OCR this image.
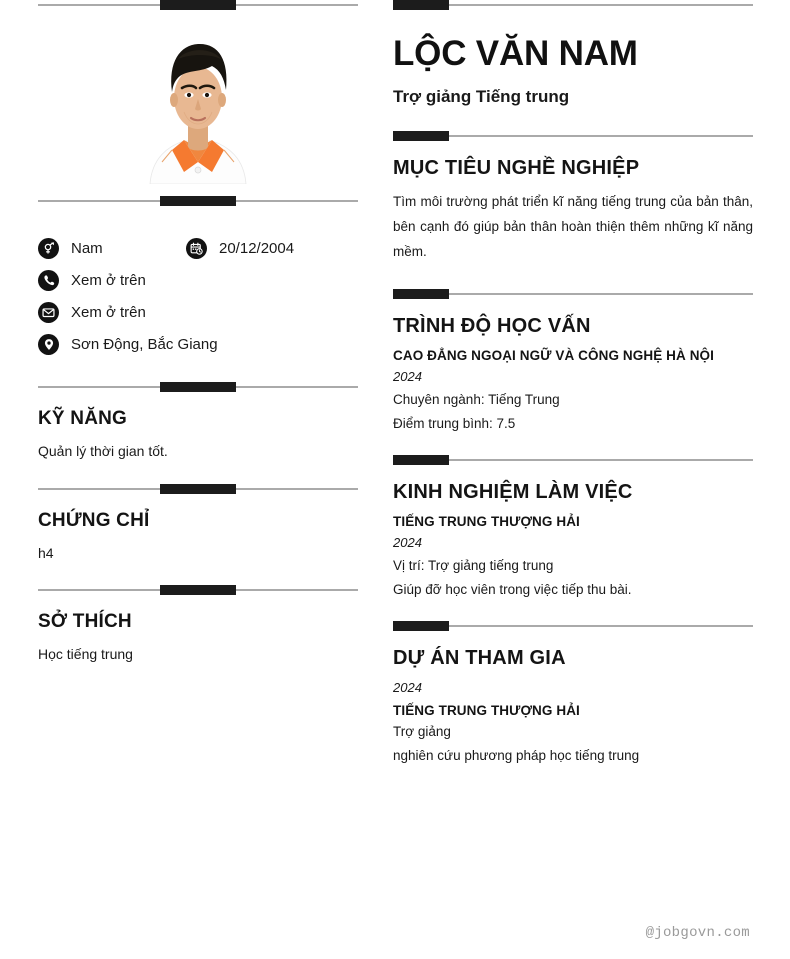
Nam	20/12/2004
Xem ở trên
Xem ở trên
Sơn Động, Bắc Giang
KỸ NĂNG

Quản lý thời gian tốt.

CHỨNG CHỈ

h4

SỞ THÍCH

Học tiếng trung

LỘC VĂN NAM

Trợ giảng Tiếng trung

MỤC TIÊU NGHỀ NGHIỆP

Tìm môi trường phát triển kĩ năng tiếng trung của bản thân, bên cạnh đó giúp bản thân hoàn thiện thêm những kĩ năng mềm.

TRÌNH ĐỘ HỌC VẤN

CAO ĐẲNG NGOẠI NGỮ VÀ CÔNG NGHỆ HÀ NỘI

2024

Chuyên ngành: Tiếng Trung

Điểm trung bình: 7.5

KINH NGHIỆM LÀM VIỆC

TIẾNG TRUNG THƯỢNG HẢI

2024

Vị trí: Trợ giảng tiếng trung

Giúp đỡ học viên trong việc tiếp thu bài.

DỰ ÁN THAM GIA

2024

TIẾNG TRUNG THƯỢNG HẢI

Trợ giảng

nghiên cứu phương pháp học tiếng trung

@jobgovn.com
